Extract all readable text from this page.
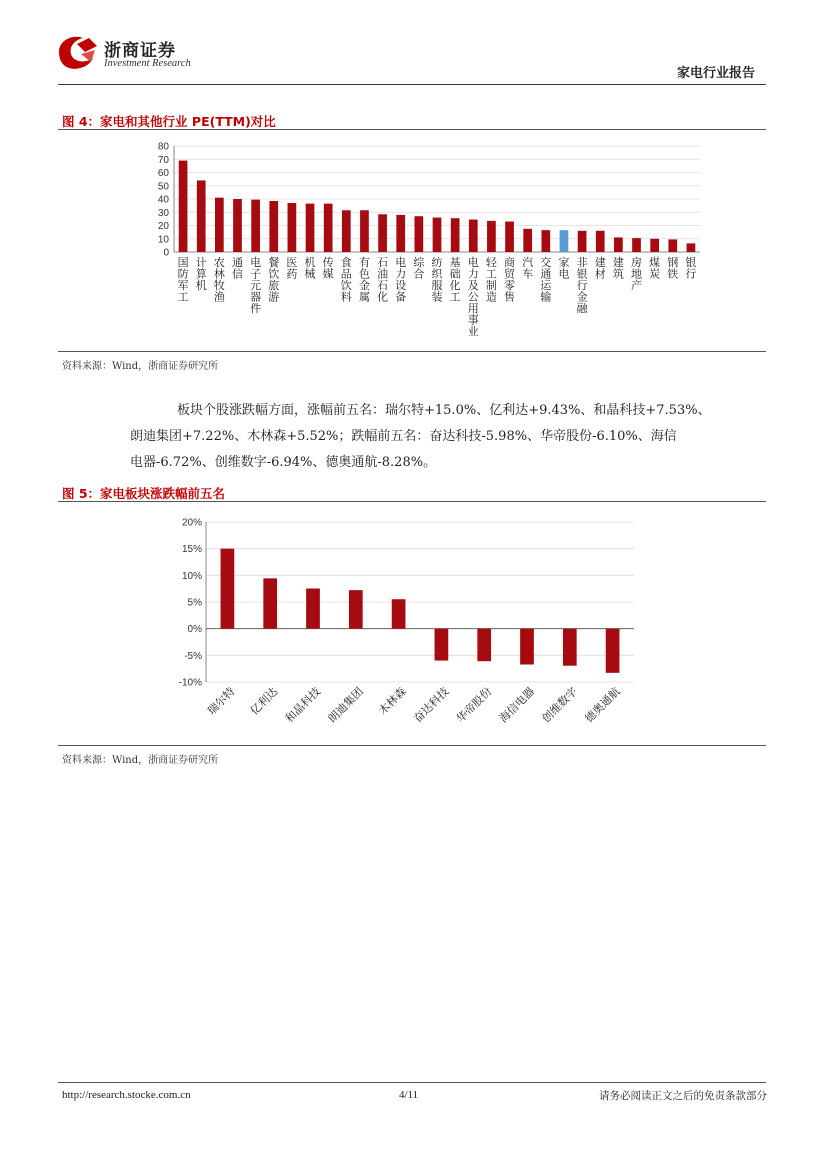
浙商证券
Investment Research
家电行业报告
图 4：家电和其他行业 PE(TTM)对比
0
10
20
30
40
50
60
70
80
国防军工
计算机
农林牧渔
通信
电子元器件
餐饮旅游
医药
机械
传媒
食品饮料
有色金属
石油石化
电力设备
综合
纺织服装
基础化工
电力及公用事业
轻工制造
商贸零售
汽车
交通运输
家电
非银行金融
建材
建筑
房地产
煤炭
钢铁
银行
资料来源：Wind，浙商证券研究所
板块个股涨跌幅方面，涨幅前五名：瑞尔特+15.0%、亿利达+9.43%、和晶科技+7.53%、
朗迪集团+7.22%、木林森+5.52%；跌幅前五名：奋达科技-5.98%、华帝股份-6.10%、海信
电器-6.72%、创维数字-6.94%、德奥通航-8.28%。
图 5：家电板块涨跌幅前五名
-10%
-5%
0%
5%
10%
15%
20%
瑞尔特 亿利达 和晶科技 朗迪集团 木林森 奋达科技 华帝股份 海信电器 创维数字 德奥通航
资料来源：Wind，浙商证券研究所
http://research.stocke.com.cn	4/11	请务必阅读正文之后的免责条款部分
